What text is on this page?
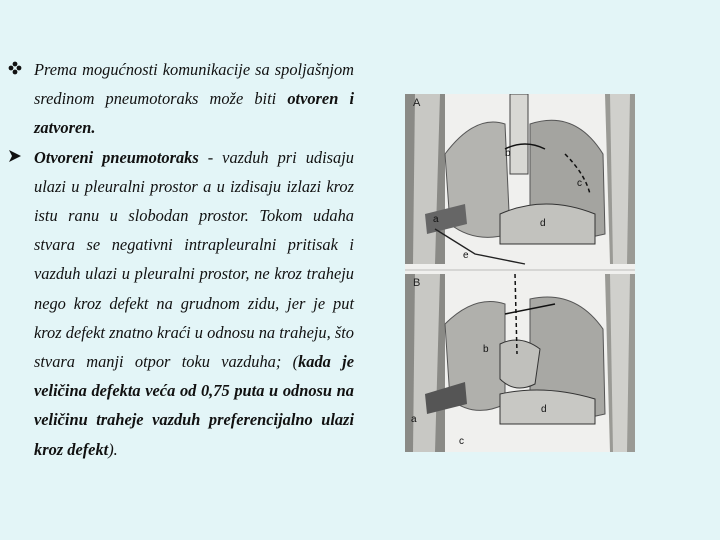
Prema mogućnosti komunikacije sa spoljašnjom sredinom pneumotoraks može biti otvoren i zatvoren.
Otvoreni pneumotoraks - vazduh pri udisaju ulazi u pleuralni prostor a u izdisaju izlazi kroz istu ranu u slobodan prostor. Tokom udaha stvara se negativni intrapleuralni pritisak i vazduh ulazi u pleuralni prostor, ne kroz traheju nego kroz defekt na grudnom zidu, jer je put kroz defekt znatno kraći u odnosu na traheju, što stvara manji otpor toku vazduha; (kada je veličina defekta veća od 0,75 puta u odnosu na veličinu traheje vazduh preferencijalno ulazi kroz defekt).
A
a
b
c
d
e
B
a
b
c
d
